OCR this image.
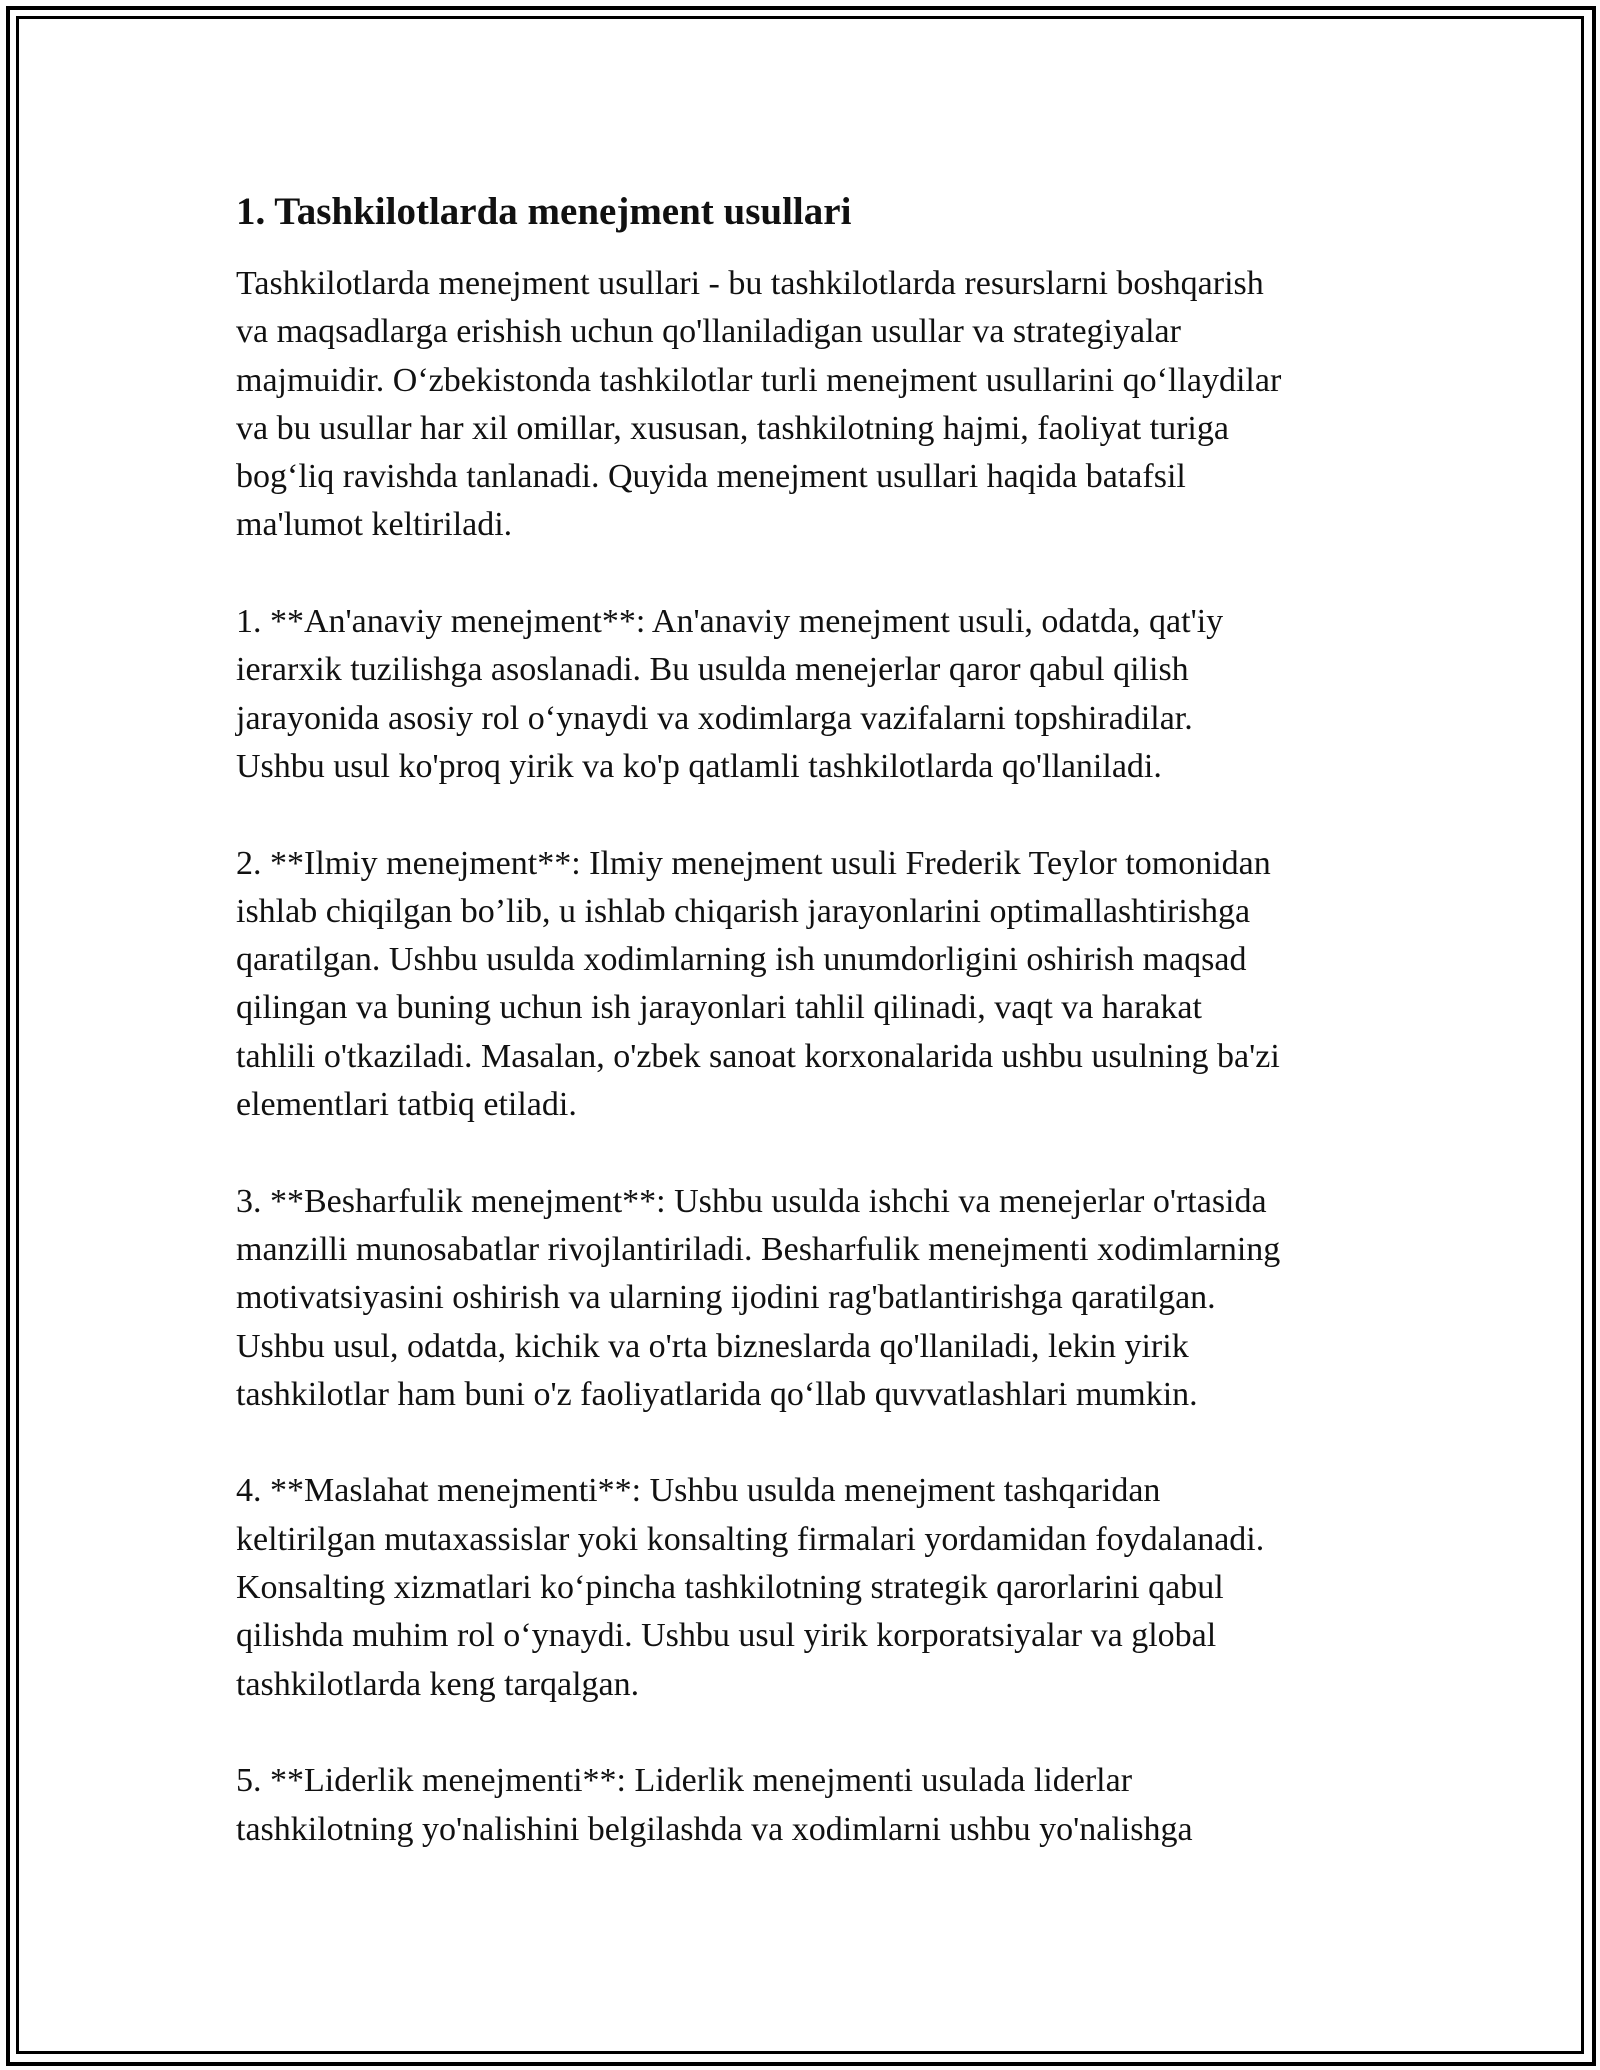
1. Tashkilotlarda menejment usullari

Tashkilotlarda menejment usullari - bu tashkilotlarda resurslarni boshqarish
va maqsadlarga erishish uchun qo'llaniladigan usullar va strategiyalar
majmuidir. O‘zbekistonda tashkilotlar turli menejment usullarini qo‘llaydilar
va bu usullar har xil omillar, xususan, tashkilotning hajmi, faoliyat turiga
bog‘liq ravishda tanlanadi. Quyida menejment usullari haqida batafsil
ma'lumot keltiriladi.

1. **An'anaviy menejment**: An'anaviy menejment usuli, odatda, qat'iy
ierarxik tuzilishga asoslanadi. Bu usulda menejerlar qaror qabul qilish
jarayonida asosiy rol o‘ynaydi va xodimlarga vazifalarni topshiradilar.
Ushbu usul ko'proq yirik va ko'p qatlamli tashkilotlarda qo'llaniladi.

2. **Ilmiy menejment**: Ilmiy menejment usuli Frederik Teylor tomonidan
ishlab chiqilgan bo’lib, u ishlab chiqarish jarayonlarini optimallashtirishga
qaratilgan. Ushbu usulda xodimlarning ish unumdorligini oshirish maqsad
qilingan va buning uchun ish jarayonlari tahlil qilinadi, vaqt va harakat
tahlili o'tkaziladi. Masalan, o'zbek sanoat korxonalarida ushbu usulning ba'zi
elementlari tatbiq etiladi.

3. **Besharfulik menejment**: Ushbu usulda ishchi va menejerlar o'rtasida
manzilli munosabatlar rivojlantiriladi. Besharfulik menejmenti xodimlarning
motivatsiyasini oshirish va ularning ijodini rag'batlantirishga qaratilgan.
Ushbu usul, odatda, kichik va o'rta bizneslarda qo'llaniladi, lekin yirik
tashkilotlar ham buni o'z faoliyatlarida qo‘llab quvvatlashlari mumkin.

4. **Maslahat menejmenti**: Ushbu usulda menejment tashqaridan
keltirilgan mutaxassislar yoki konsalting firmalari yordamidan foydalanadi.
Konsalting xizmatlari ko‘pincha tashkilotning strategik qarorlarini qabul
qilishda muhim rol o‘ynaydi. Ushbu usul yirik korporatsiyalar va global
tashkilotlarda keng tarqalgan.

5. **Liderlik menejmenti**: Liderlik menejmenti usulada liderlar
tashkilotning yo'nalishini belgilashda va xodimlarni ushbu yo'nalishga
